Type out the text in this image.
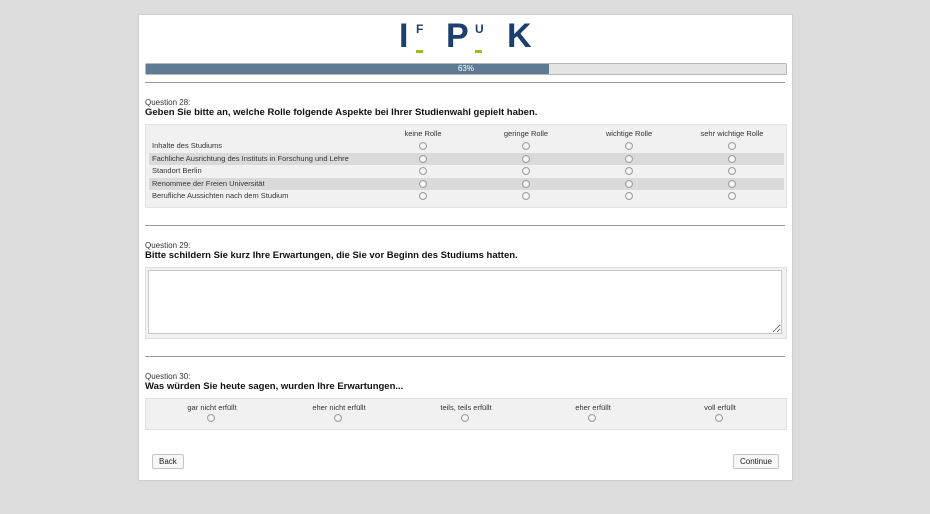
I F P U K
63%
Question 28:
Geben Sie bitte an, welche Rolle folgende Aspekte bei Ihrer Studienwahl gepielt haben.
keine Rolle	geringe Rolle	wichtige Rolle	sehr wichtige Rolle
Inhalte des Studiums
Fachliche Ausrichtung des Instituts in Forschung und Lehre
Standort Berlin
Renommee der Freien Universität
Berufliche Aussichten nach dem Studium
Question 29:
Bitte schildern Sie kurz Ihre Erwartungen, die Sie vor Beginn des Studiums hatten.
Question 30:
Was würden Sie heute sagen, wurden Ihre Erwartungen...
gar nicht erfüllt	eher nicht erfüllt	teils, teils erfüllt	eher erfüllt	voll erfüllt
Back	Continue
